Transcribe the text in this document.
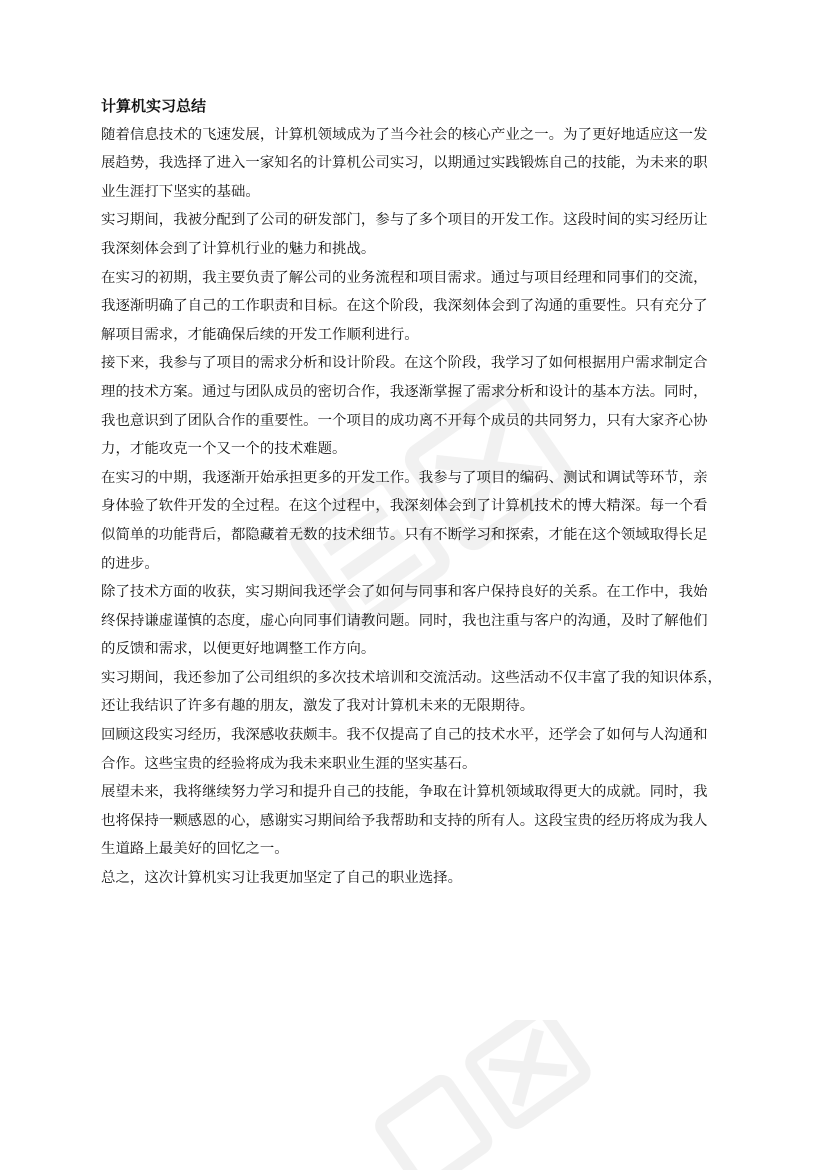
计算机实习总结

随着信息技术的飞速发展，计算机领域成为了当今社会的核心产业之一。为了更好地适应这一发

展趋势，我选择了进入一家知名的计算机公司实习，以期通过实践锻炼自己的技能，为未来的职

业生涯打下坚实的基础。

实习期间，我被分配到了公司的研发部门，参与了多个项目的开发工作。这段时间的实习经历让

我深刻体会到了计算机行业的魅力和挑战。

在实习的初期，我主要负责了解公司的业务流程和项目需求。通过与项目经理和同事们的交流，

我逐渐明确了自己的工作职责和目标。在这个阶段，我深刻体会到了沟通的重要性。只有充分了

解项目需求，才能确保后续的开发工作顺利进行。

接下来，我参与了项目的需求分析和设计阶段。在这个阶段，我学习了如何根据用户需求制定合

理的技术方案。通过与团队成员的密切合作，我逐渐掌握了需求分析和设计的基本方法。同时，

我也意识到了团队合作的重要性。一个项目的成功离不开每个成员的共同努力，只有大家齐心协

力，才能攻克一个又一个的技术难题。

在实习的中期，我逐渐开始承担更多的开发工作。我参与了项目的编码、测试和调试等环节，亲

身体验了软件开发的全过程。在这个过程中，我深刻体会到了计算机技术的博大精深。每一个看

似简单的功能背后，都隐藏着无数的技术细节。只有不断学习和探索，才能在这个领域取得长足

的进步。

除了技术方面的收获，实习期间我还学会了如何与同事和客户保持良好的关系。在工作中，我始

终保持谦虚谨慎的态度，虚心向同事们请教问题。同时，我也注重与客户的沟通，及时了解他们

的反馈和需求，以便更好地调整工作方向。

实习期间，我还参加了公司组织的多次技术培训和交流活动。这些活动不仅丰富了我的知识体系，

还让我结识了许多有趣的朋友，激发了我对计算机未来的无限期待。

回顾这段实习经历，我深感收获颇丰。我不仅提高了自己的技术水平，还学会了如何与人沟通和

合作。这些宝贵的经验将成为我未来职业生涯的坚实基石。

展望未来，我将继续努力学习和提升自己的技能，争取在计算机领域取得更大的成就。同时，我

也将保持一颗感恩的心，感谢实习期间给予我帮助和支持的所有人。这段宝贵的经历将成为我人

生道路上最美好的回忆之一。

总之，这次计算机实习让我更加坚定了自己的职业选择。
